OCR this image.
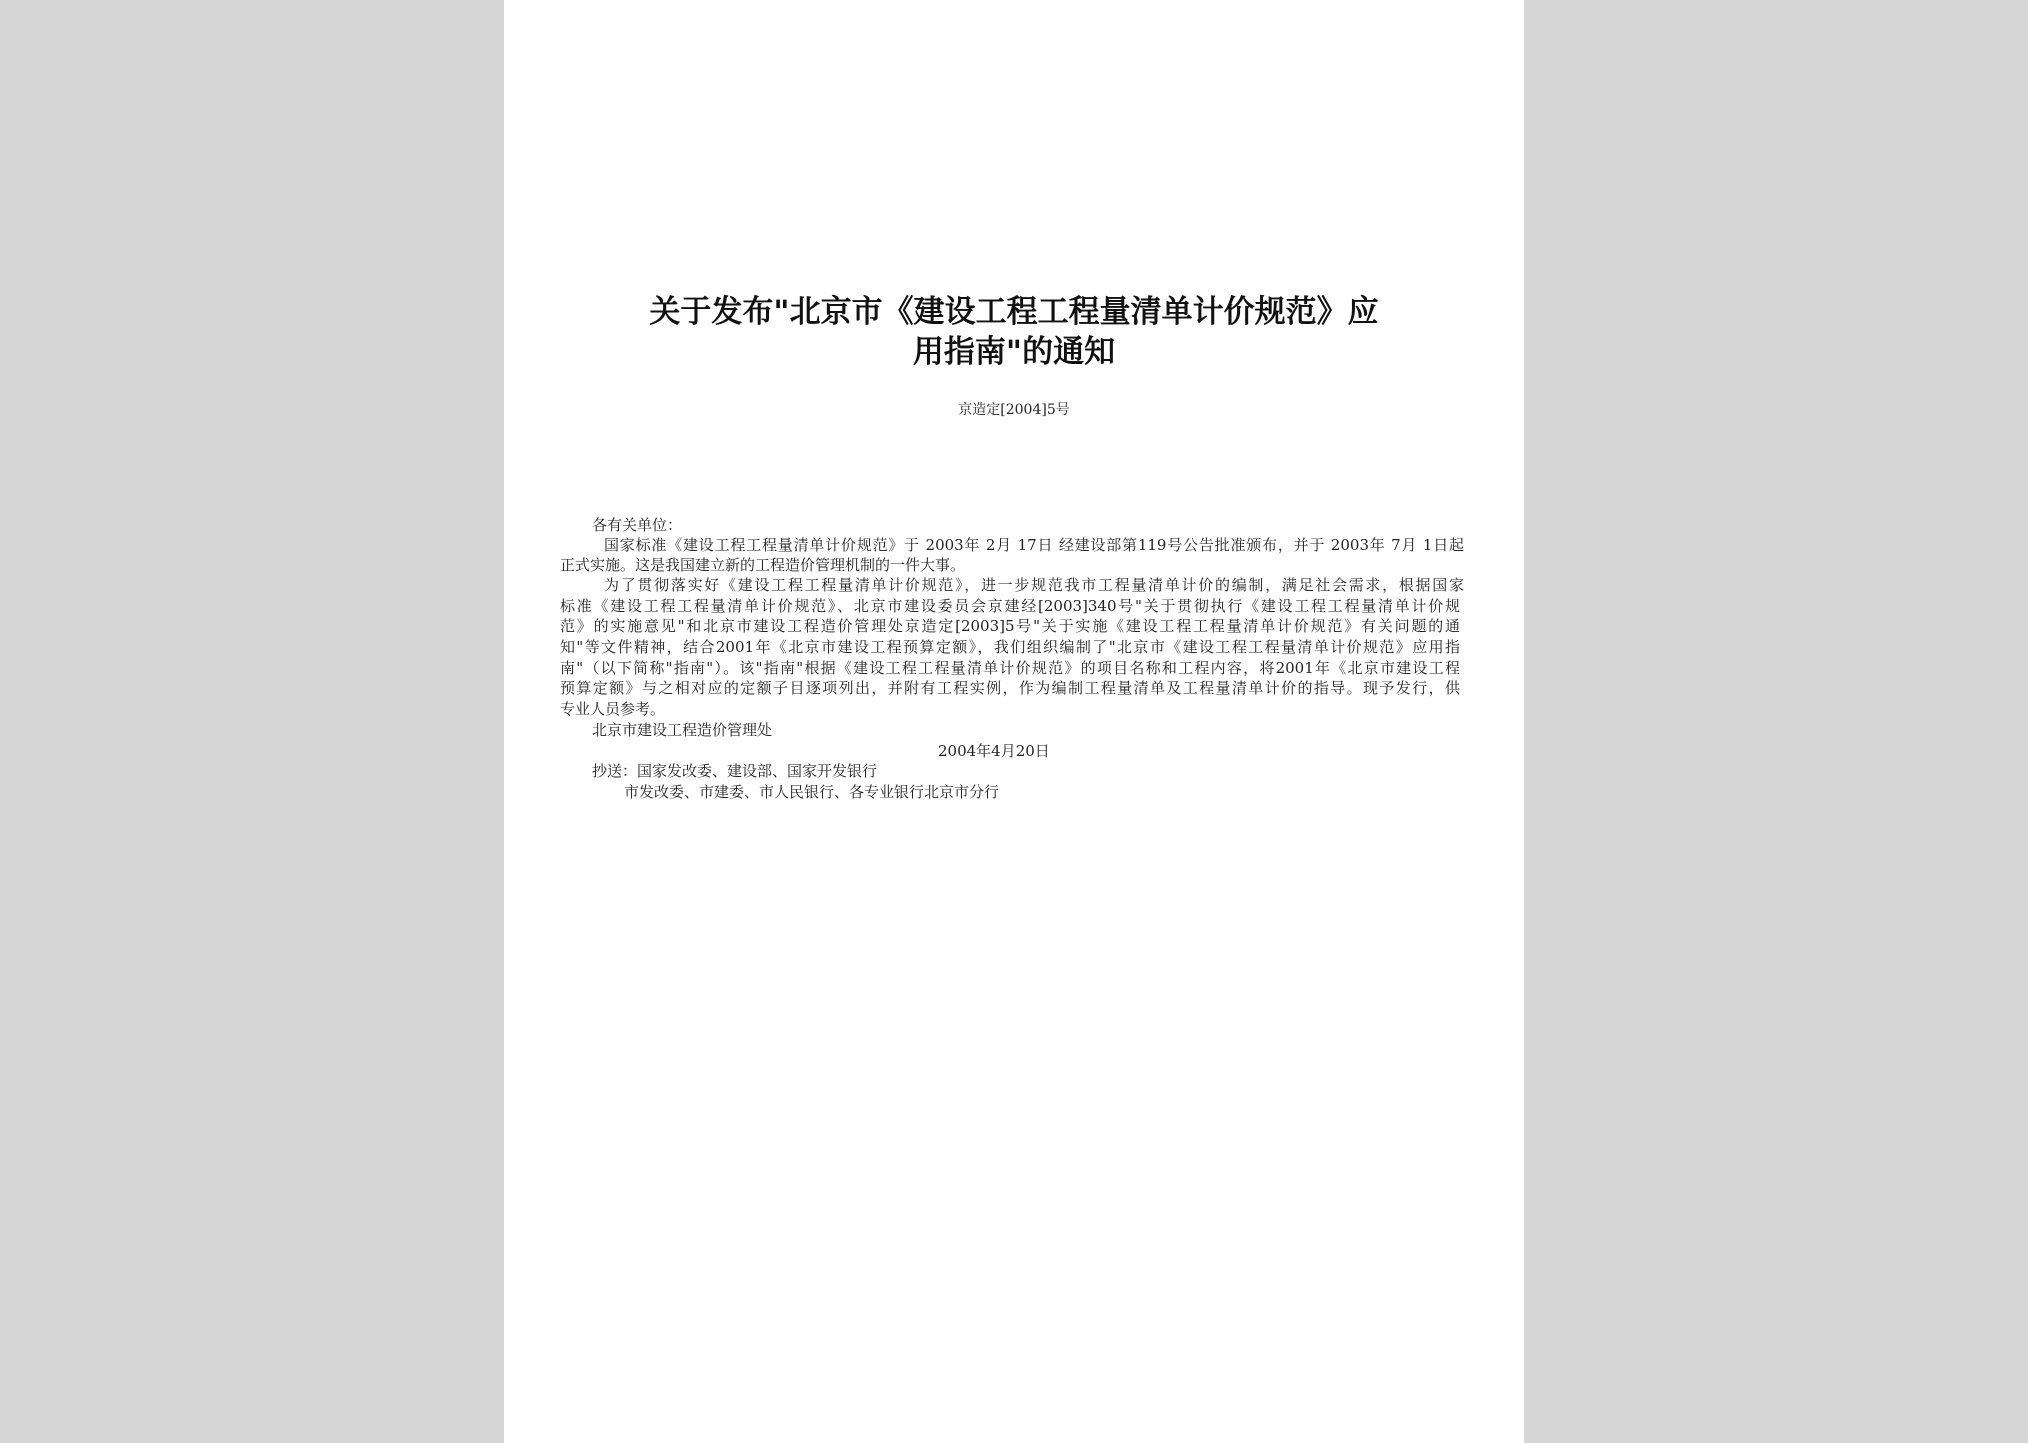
关于发布"北京市《建设工程工程量清单计价规范》应
用指南"的通知
京造定[2004]5号
各有关单位：
国家标准《建设工程工程量清单计价规范》于 2003年 2月 17日 经建设部第119号公告批准颁布，并于 2003年 7月 1日起
正式实施。这是我国建立新的工程造价管理机制的一件大事。
为了贯彻落实好《建设工程工程量清单计价规范》，进一步规范我市工程量清单计价的编制，满足社会需求，根据国家
标准《建设工程工程量清单计价规范》、北京市建设委员会京建经[2003]340号"关于贯彻执行《建设工程工程量清单计价规
范》的实施意见"和北京市建设工程造价管理处京造定[2003]5号"关于实施《建设工程工程量清单计价规范》有关问题的通
知"等文件精神，结合2001年《北京市建设工程预算定额》，我们组织编制了"北京市《建设工程工程量清单计价规范》应用指
南"（以下简称"指南"）。该"指南"根据《建设工程工程量清单计价规范》的项目名称和工程内容，将2001年《北京市建设工程
预算定额》与之相对应的定额子目逐项列出，并附有工程实例，作为编制工程量清单及工程量清单计价的指导。现予发行，供
专业人员参考。
北京市建设工程造价管理处
2004年4月20日
抄送：国家发改委、建设部、国家开发银行
市发改委、市建委、市人民银行、各专业银行北京市分行
